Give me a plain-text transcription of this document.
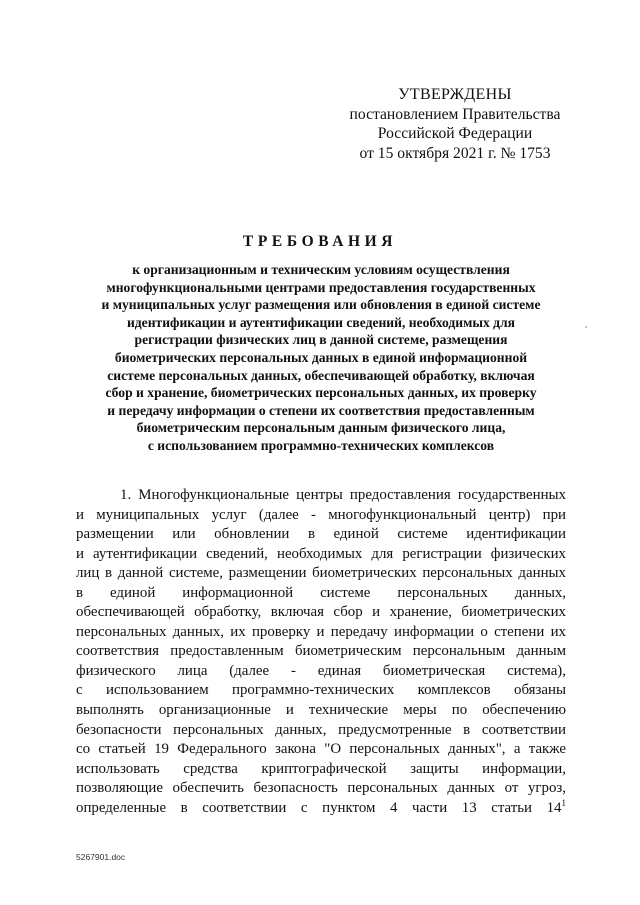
УТВЕРЖДЕНЫ
постановлением Правительства
Российской Федерации
от 15 октября 2021 г. № 1753
ТРЕБОВАНИЯ
к организационным и техническим условиям осуществления
многофункциональными центрами предоставления государственных
и муниципальных услуг размещения или обновления в единой системе
идентификации и аутентификации сведений, необходимых для
регистрации физических лиц в данной системе, размещения
биометрических персональных данных в единой информационной
системе персональных данных, обеспечивающей обработку, включая
сбор и хранение, биометрических персональных данных, их проверку
и передачу информации о степени их соответствия предоставленным
биометрическим персональным данным физического лица,
с использованием программно-технических комплексов
1. Многофункциональные центры предоставления государственных
и муниципальных услуг (далее - многофункциональный центр) при
размещении или обновлении в единой системе идентификации
и аутентификации сведений, необходимых для регистрации физических
лиц в данной системе, размещении биометрических персональных данных
в единой информационной системе персональных данных,
обеспечивающей обработку, включая сбор и хранение, биометрических
персональных данных, их проверку и передачу информации о степени их
соответствия предоставленным биометрическим персональным данным
физического лица (далее - единая биометрическая система),
с использованием программно-технических комплексов обязаны
выполнять организационные и технические меры по обеспечению
безопасности персональных данных, предусмотренные в соответствии
со статьей 19 Федерального закона "О персональных данных", а также
использовать средства криптографической защиты информации,
позволяющие обеспечить безопасность персональных данных от угроз,
определенные в соответствии с пунктом 4 части 13 статьи $14^1$
5267901.doc
